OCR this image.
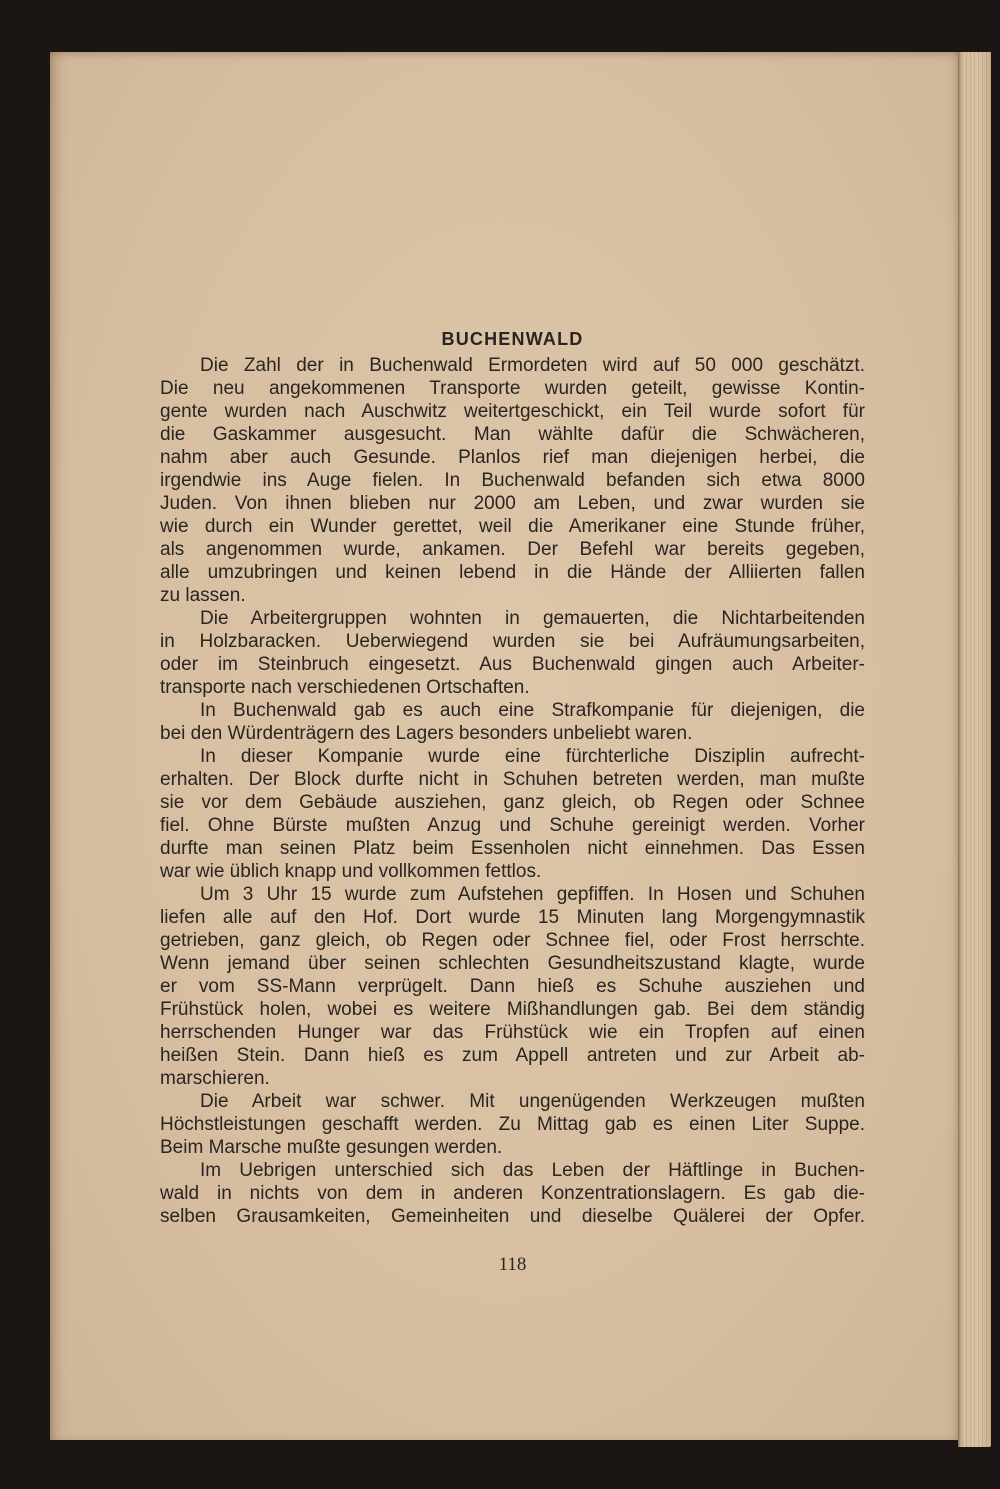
BUCHENWALD
Die Zahl der in Buchenwald Ermordeten wird auf 50 000 geschätzt.
Die neu angekommenen Transporte wurden geteilt, gewisse Kontin-
gente wurden nach Auschwitz weitertgeschickt, ein Teil wurde sofort für
die Gaskammer ausgesucht. Man wählte dafür die Schwächeren,
nahm aber auch Gesunde. Planlos rief man diejenigen herbei, die
irgendwie ins Auge fielen. In Buchenwald befanden sich etwa 8000
Juden. Von ihnen blieben nur 2000 am Leben, und zwar wurden sie
wie durch ein Wunder gerettet, weil die Amerikaner eine Stunde früher,
als angenommen wurde, ankamen. Der Befehl war bereits gegeben,
alle umzubringen und keinen lebend in die Hände der Alliierten fallen
zu lassen.
Die Arbeitergruppen wohnten in gemauerten, die Nichtarbeitenden
in Holzbaracken. Ueberwiegend wurden sie bei Aufräumungsarbeiten,
oder im Steinbruch eingesetzt. Aus Buchenwald gingen auch Arbeiter-
transporte nach verschiedenen Ortschaften.
In Buchenwald gab es auch eine Strafkompanie für diejenigen, die
bei den Würdenträgern des Lagers besonders unbeliebt waren.
In dieser Kompanie wurde eine fürchterliche Disziplin aufrecht-
erhalten. Der Block durfte nicht in Schuhen betreten werden, man mußte
sie vor dem Gebäude ausziehen, ganz gleich, ob Regen oder Schnee
fiel. Ohne Bürste mußten Anzug und Schuhe gereinigt werden. Vorher
durfte man seinen Platz beim Essenholen nicht einnehmen. Das Essen
war wie üblich knapp und vollkommen fettlos.
Um 3 Uhr 15 wurde zum Aufstehen gepfiffen. In Hosen und Schuhen
liefen alle auf den Hof. Dort wurde 15 Minuten lang Morgengymnastik
getrieben, ganz gleich, ob Regen oder Schnee fiel, oder Frost herrschte.
Wenn jemand über seinen schlechten Gesundheitszustand klagte, wurde
er vom SS-Mann verprügelt. Dann hieß es Schuhe ausziehen und
Frühstück holen, wobei es weitere Mißhandlungen gab. Bei dem ständig
herrschenden Hunger war das Frühstück wie ein Tropfen auf einen
heißen Stein. Dann hieß es zum Appell antreten und zur Arbeit ab-
marschieren.
Die Arbeit war schwer. Mit ungenügenden Werkzeugen mußten
Höchstleistungen geschafft werden. Zu Mittag gab es einen Liter Suppe.
Beim Marsche mußte gesungen werden.
Im Uebrigen unterschied sich das Leben der Häftlinge in Buchen-
wald in nichts von dem in anderen Konzentrationslagern. Es gab die-
selben Grausamkeiten, Gemeinheiten und dieselbe Quälerei der Opfer.
118
